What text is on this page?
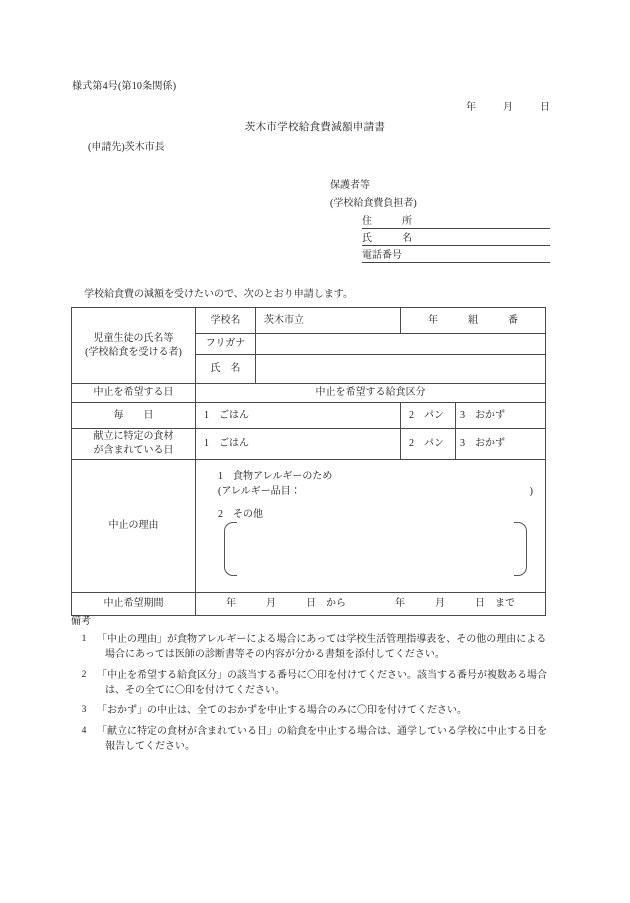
様式第4号(第10条関係)
年	月	日
茨木市学校給食費減額申請書
(申請先)茨木市長
保護者等
(学校給食費負担者)
住　　　所
氏　　　名
電話番号
学校給食費の減額を受けたいので、次のとおり申請します。
児童生徒の氏名等
(学校給食を受ける者)	学校名	茨木市立	年　　　組　　　番	
	フリガナ			
	氏　名			
中止を希望する日	中止を希望する給食区分			
毎　　日	1　ごはん		2　パン	3　おかず

献立に特定の食材
が含まれている日	1　ごはん		2　パン	3　おかず
中止の理由	1　食物アレルギーのため
(アレルギー品目： )
2　その他			

中止希望期間	年　　　月　　　日　から 年　　　月　　　日　まで			
備考
1	「中止の理由」が食物アレルギーによる場合にあっては学校生活管理指導表を、その他の理由による
場合にあっては医師の診断書等その内容が分かる書類を添付してください。
2	「中止を希望する給食区分」の該当する番号に〇印を付けてください。該当する番号が複数ある場合
は、その全てに〇印を付けてください。
3	「おかず」の中止は、全てのおかずを中止する場合のみに〇印を付けてください。
4	「献立に特定の食材が含まれている日」の給食を中止する場合は、通学している学校に中止する日を
報告してください。
